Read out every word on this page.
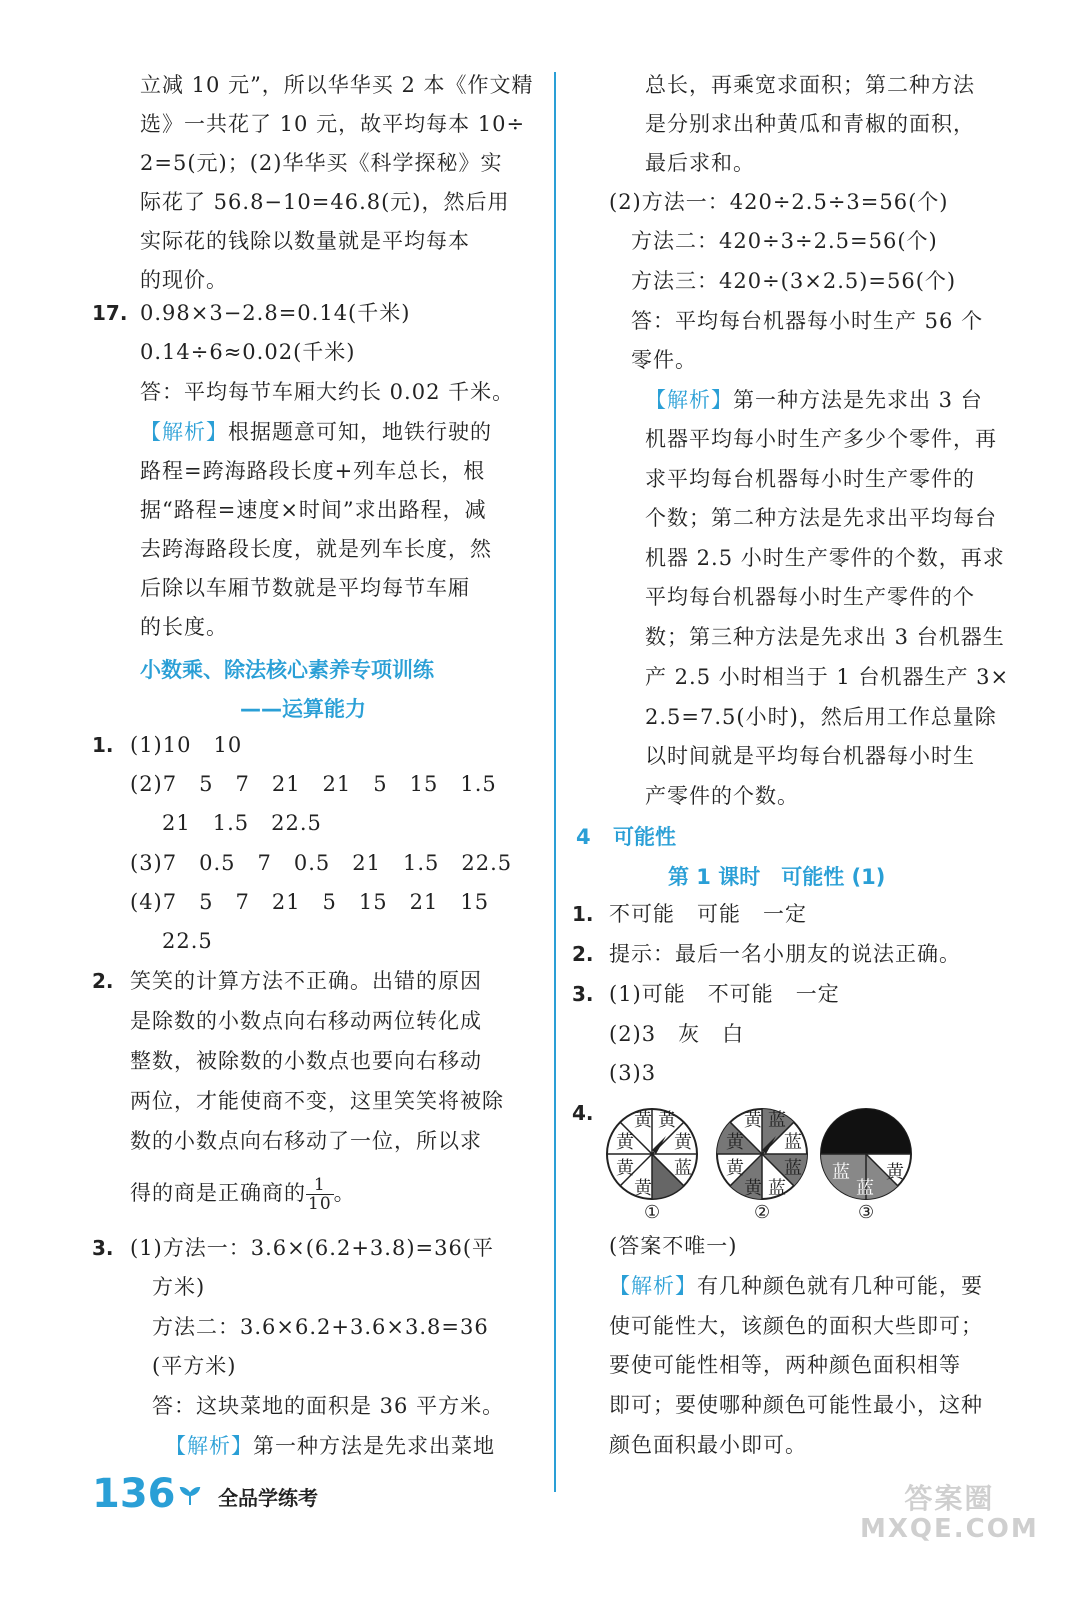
立减 10 元”，所以华华买 2 本《作文精
选》一共花了 10 元，故平均每本 10÷
2=5(元)；(2)华华买《科学探秘》实
际花了 56.8−10=46.8(元)，然后用
实际花的钱除以数量就是平均每本
的现价。
17. 0.98×3−2.8=0.14(千米)
0.14÷6≈0.02(千米)
答：平均每节车厢大约长 0.02 千米。
【解析】根据题意可知，地铁行驶的
路程=跨海路段长度+列车总长，根
据“路程=速度×时间”求出路程，减
去跨海路段长度，就是列车长度，然
后除以车厢节数就是平均每节车厢
的长度。
小数乘、除法核心素养专项训练
——运算能力
1. (1)10　10
(2)7　5　7　21　21　5　15　1.5
　21　1.5　22.5
(3)7　0.5　7　0.5　21　1.5　22.5
(4)7　5　7　21　5　15　21　15
　22.5
2. 笑笑的计算方法不正确。出错的原因
是除数的小数点向右移动两位转化成
整数，被除数的小数点也要向右移动
两位，才能使商不变，这里笑笑将被除
数的小数点向右移动了一位，所以求
得的商是正确商的 $\frac{1}{10}$ 。
3. (1)方法一：3.6×(6.2+3.8)=36(平
　方米)
　方法二：3.6×6.2+3.6×3.8=36
　(平方米)
　答：这块菜地的面积是 36 平方米。
【解析】第一种方法是先求出菜地
总长，再乘宽求面积；第二种方法
是分别求出种黄瓜和青椒的面积，
最后求和。
(2)方法一：420÷2.5÷3=56(个)
　方法二：420÷3÷2.5=56(个)
　方法三：420÷(3×2.5)=56(个)
　答：平均每台机器每小时生产 56 个
　零件。
【解析】第一种方法是先求出 3 台
机器平均每小时生产多少个零件，再
求平均每台机器每小时生产零件的
个数；第二种方法是先求出平均每台
机器 2.5 小时生产零件的个数，再求
平均每台机器每小时生产零件的个
数；第三种方法是先求出 3 台机器生
产 2.5 小时相当于 1 台机器生产 3×
2.5=7.5(小时)，然后用工作总量除
以时间就是平均每台机器每小时生
产零件的个数。
4 可能性
第 1 课时　可能性 (1)
1. 不可能　可能　一定
2. 提示：最后一名小朋友的说法正确。
3. (1)可能　不可能　一定
(2)3　灰　白
(3)3
4.
(答案不唯一)
【解析】有几种颜色就有几种可能，要
使可能性大，该颜色的面积大些即可；
要使可能性相等，两种颜色面积相等
即可；要使哪种颜色可能性最小，这种
颜色面积最小即可。
黄 黄
黄 黄
黄
黄
蓝
黄 蓝
黄 蓝
黄 蓝
黄 蓝
蓝
蓝
黄
①	②	③
136 全品学练考	答案圈
MXQE.COM
